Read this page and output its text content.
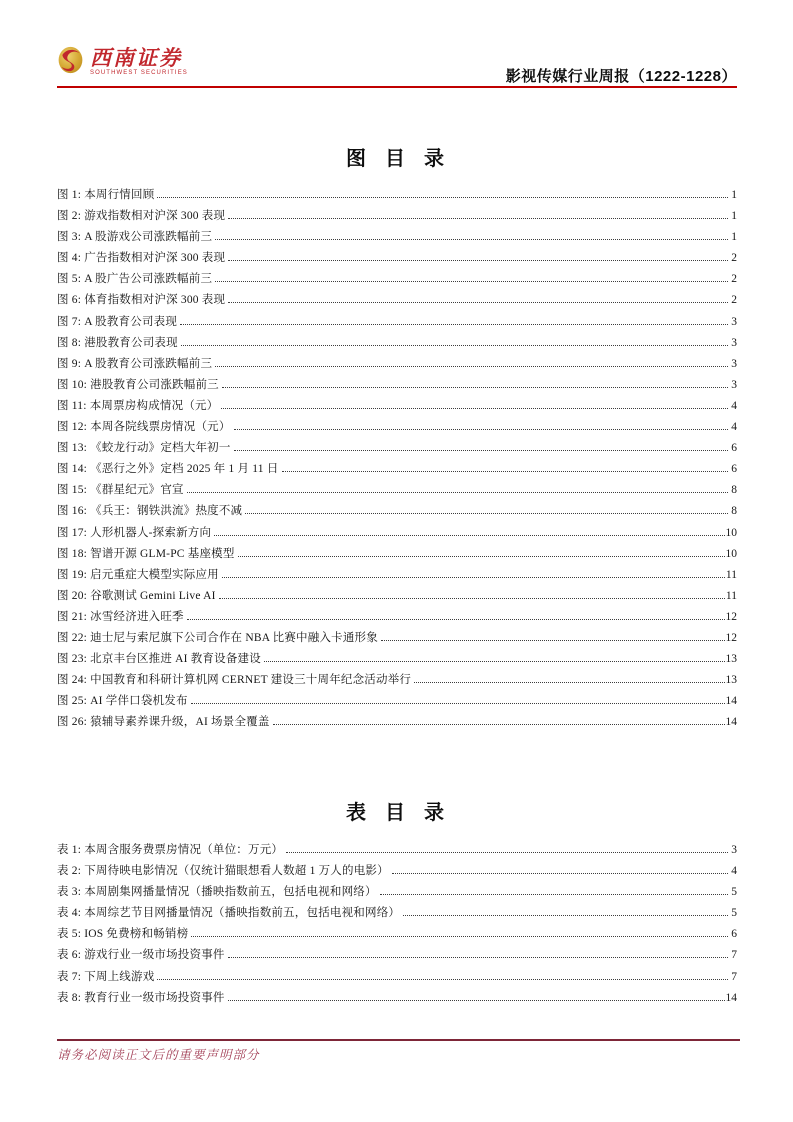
西南证券
SOUTHWEST SECURITIES	影视传媒行业周报（1222-1228）
图  目  录
图 1: 本周行情回顾	1
图 2: 游戏指数相对沪深 300 表现	1
图 3: A 股游戏公司涨跌幅前三	1
图 4: 广告指数相对沪深 300 表现	2
图 5: A 股广告公司涨跌幅前三	2
图 6: 体育指数相对沪深 300 表现	2
图 7: A 股教育公司表现	3
图 8: 港股教育公司表现	3
图 9: A 股教育公司涨跌幅前三	3
图 10: 港股教育公司涨跌幅前三	3
图 11: 本周票房构成情况（元）	4
图 12: 本周各院线票房情况（元）	4
图 13: 《蛟龙行动》定档大年初一	6
图 14: 《恶行之外》定档 2025 年 1 月 11 日	6
图 15: 《群星纪元》官宣	8
图 16: 《兵王：钢铁洪流》热度不减	8
图 17: 人形机器人-探索新方向	10
图 18: 智谱开源 GLM-PC 基座模型	10
图 19: 启元重症大模型实际应用	11
图 20: 谷歌测试 Gemini Live AI	11
图 21: 冰雪经济进入旺季	12
图 22: 迪士尼与索尼旗下公司合作在 NBA 比赛中融入卡通形象	12
图 23: 北京丰台区推进 AI 教育设备建设	13
图 24: 中国教育和科研计算机网 CERNET 建设三十周年纪念活动举行	13
图 25: AI 学伴口袋机发布	14
图 26: 猿辅导素养课升级，AI 场景全覆盖	14
表  目  录
表 1: 本周含服务费票房情况（单位：万元）	3
表 2: 下周待映电影情况（仅统计猫眼想看人数超 1 万人的电影）	4
表 3: 本周剧集网播量情况（播映指数前五，包括电视和网络）	5
表 4: 本周综艺节目网播量情况（播映指数前五，包括电视和网络）	5
表 5: IOS 免费榜和畅销榜	6
表 6: 游戏行业一级市场投资事件	7
表 7: 下周上线游戏	7
表 8: 教育行业一级市场投资事件	14
请务必阅读正文后的重要声明部分
